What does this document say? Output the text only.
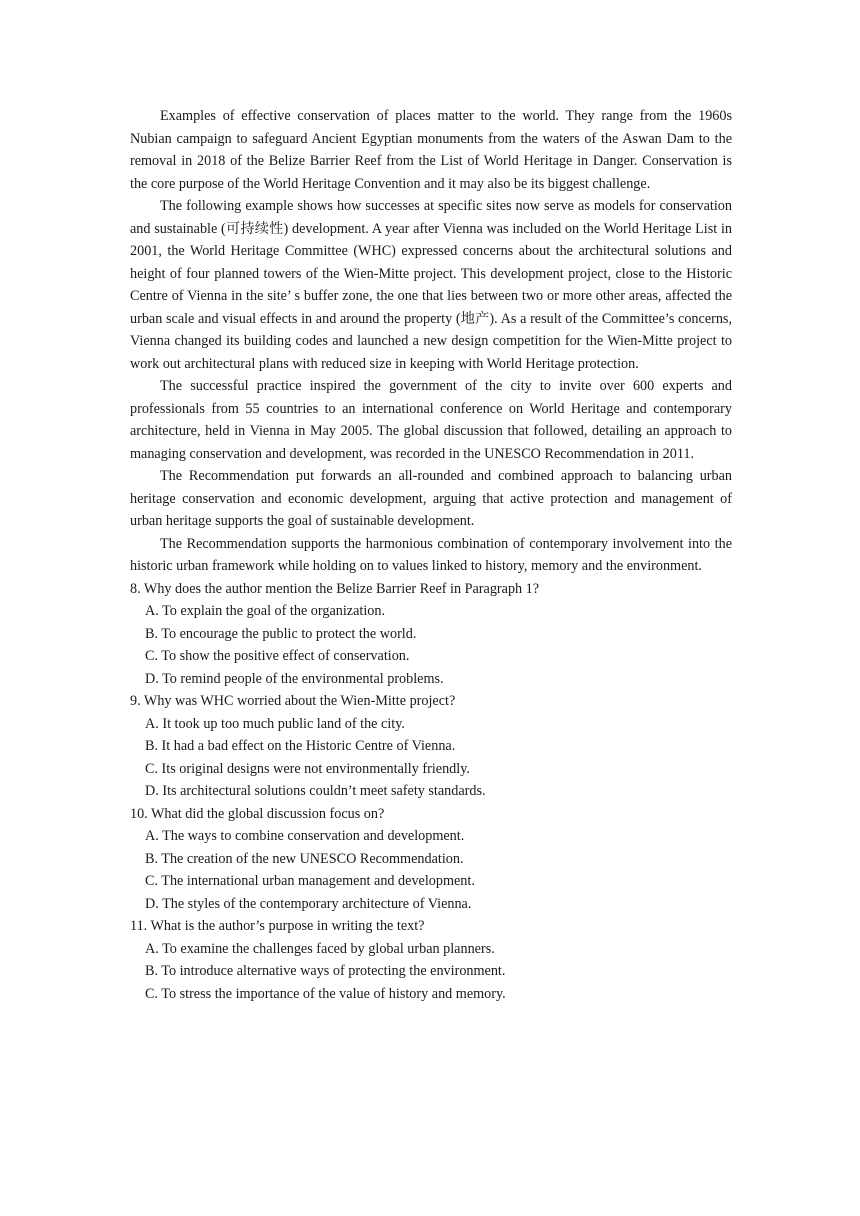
Examples of effective conservation of places matter to the world. They range from the 1960s Nubian campaign to safeguard Ancient Egyptian monuments from the waters of the Aswan Dam to the removal in 2018 of the Belize Barrier Reef from the List of World Heritage in Danger. Conservation is the core purpose of the World Heritage Convention and it may also be its biggest challenge.

The following example shows how successes at specific sites now serve as models for conservation and sustainable (可持续性) development. A year after Vienna was included on the World Heritage List in 2001, the World Heritage Committee (WHC) expressed concerns about the architectural solutions and height of four planned towers of the Wien-Mitte project. This development project, close to the Historic Centre of Vienna in the site’ s buffer zone, the one that lies between two or more other areas, affected the urban scale and visual effects in and around the property (地产). As a result of the Committee’s concerns, Vienna changed its building codes and launched a new design competition for the Wien-Mitte project to work out architectural plans with reduced size in keeping with World Heritage protection.

The successful practice inspired the government of the city to invite over 600 experts and professionals from 55 countries to an international conference on World Heritage and contemporary architecture, held in Vienna in May 2005. The global discussion that followed, detailing an approach to managing conservation and development, was recorded in the UNESCO Recommendation in 2011.

The Recommendation put forwards an all-rounded and combined approach to balancing urban heritage conservation and economic development, arguing that active protection and management of urban heritage supports the goal of sustainable development.

The Recommendation supports the harmonious combination of contemporary involvement into the historic urban framework while holding on to values linked to history, memory and the environment.

8. Why does the author mention the Belize Barrier Reef in Paragraph 1?

A. To explain the goal of the organization.

B. To encourage the public to protect the world.

C. To show the positive effect of conservation.

D. To remind people of the environmental problems.

9. Why was WHC worried about the Wien-Mitte project?

A. It took up too much public land of the city.

B. It had a bad effect on the Historic Centre of Vienna.

C. Its original designs were not environmentally friendly.

D. Its architectural solutions couldn’t meet safety standards.

10. What did the global discussion focus on?

A. The ways to combine conservation and development.

B. The creation of the new UNESCO Recommendation.

C. The international urban management and development.

D. The styles of the contemporary architecture of Vienna.

11. What is the author’s purpose in writing the text?

A. To examine the challenges faced by global urban planners.

B. To introduce alternative ways of protecting the environment.

C. To stress the importance of the value of history and memory.
